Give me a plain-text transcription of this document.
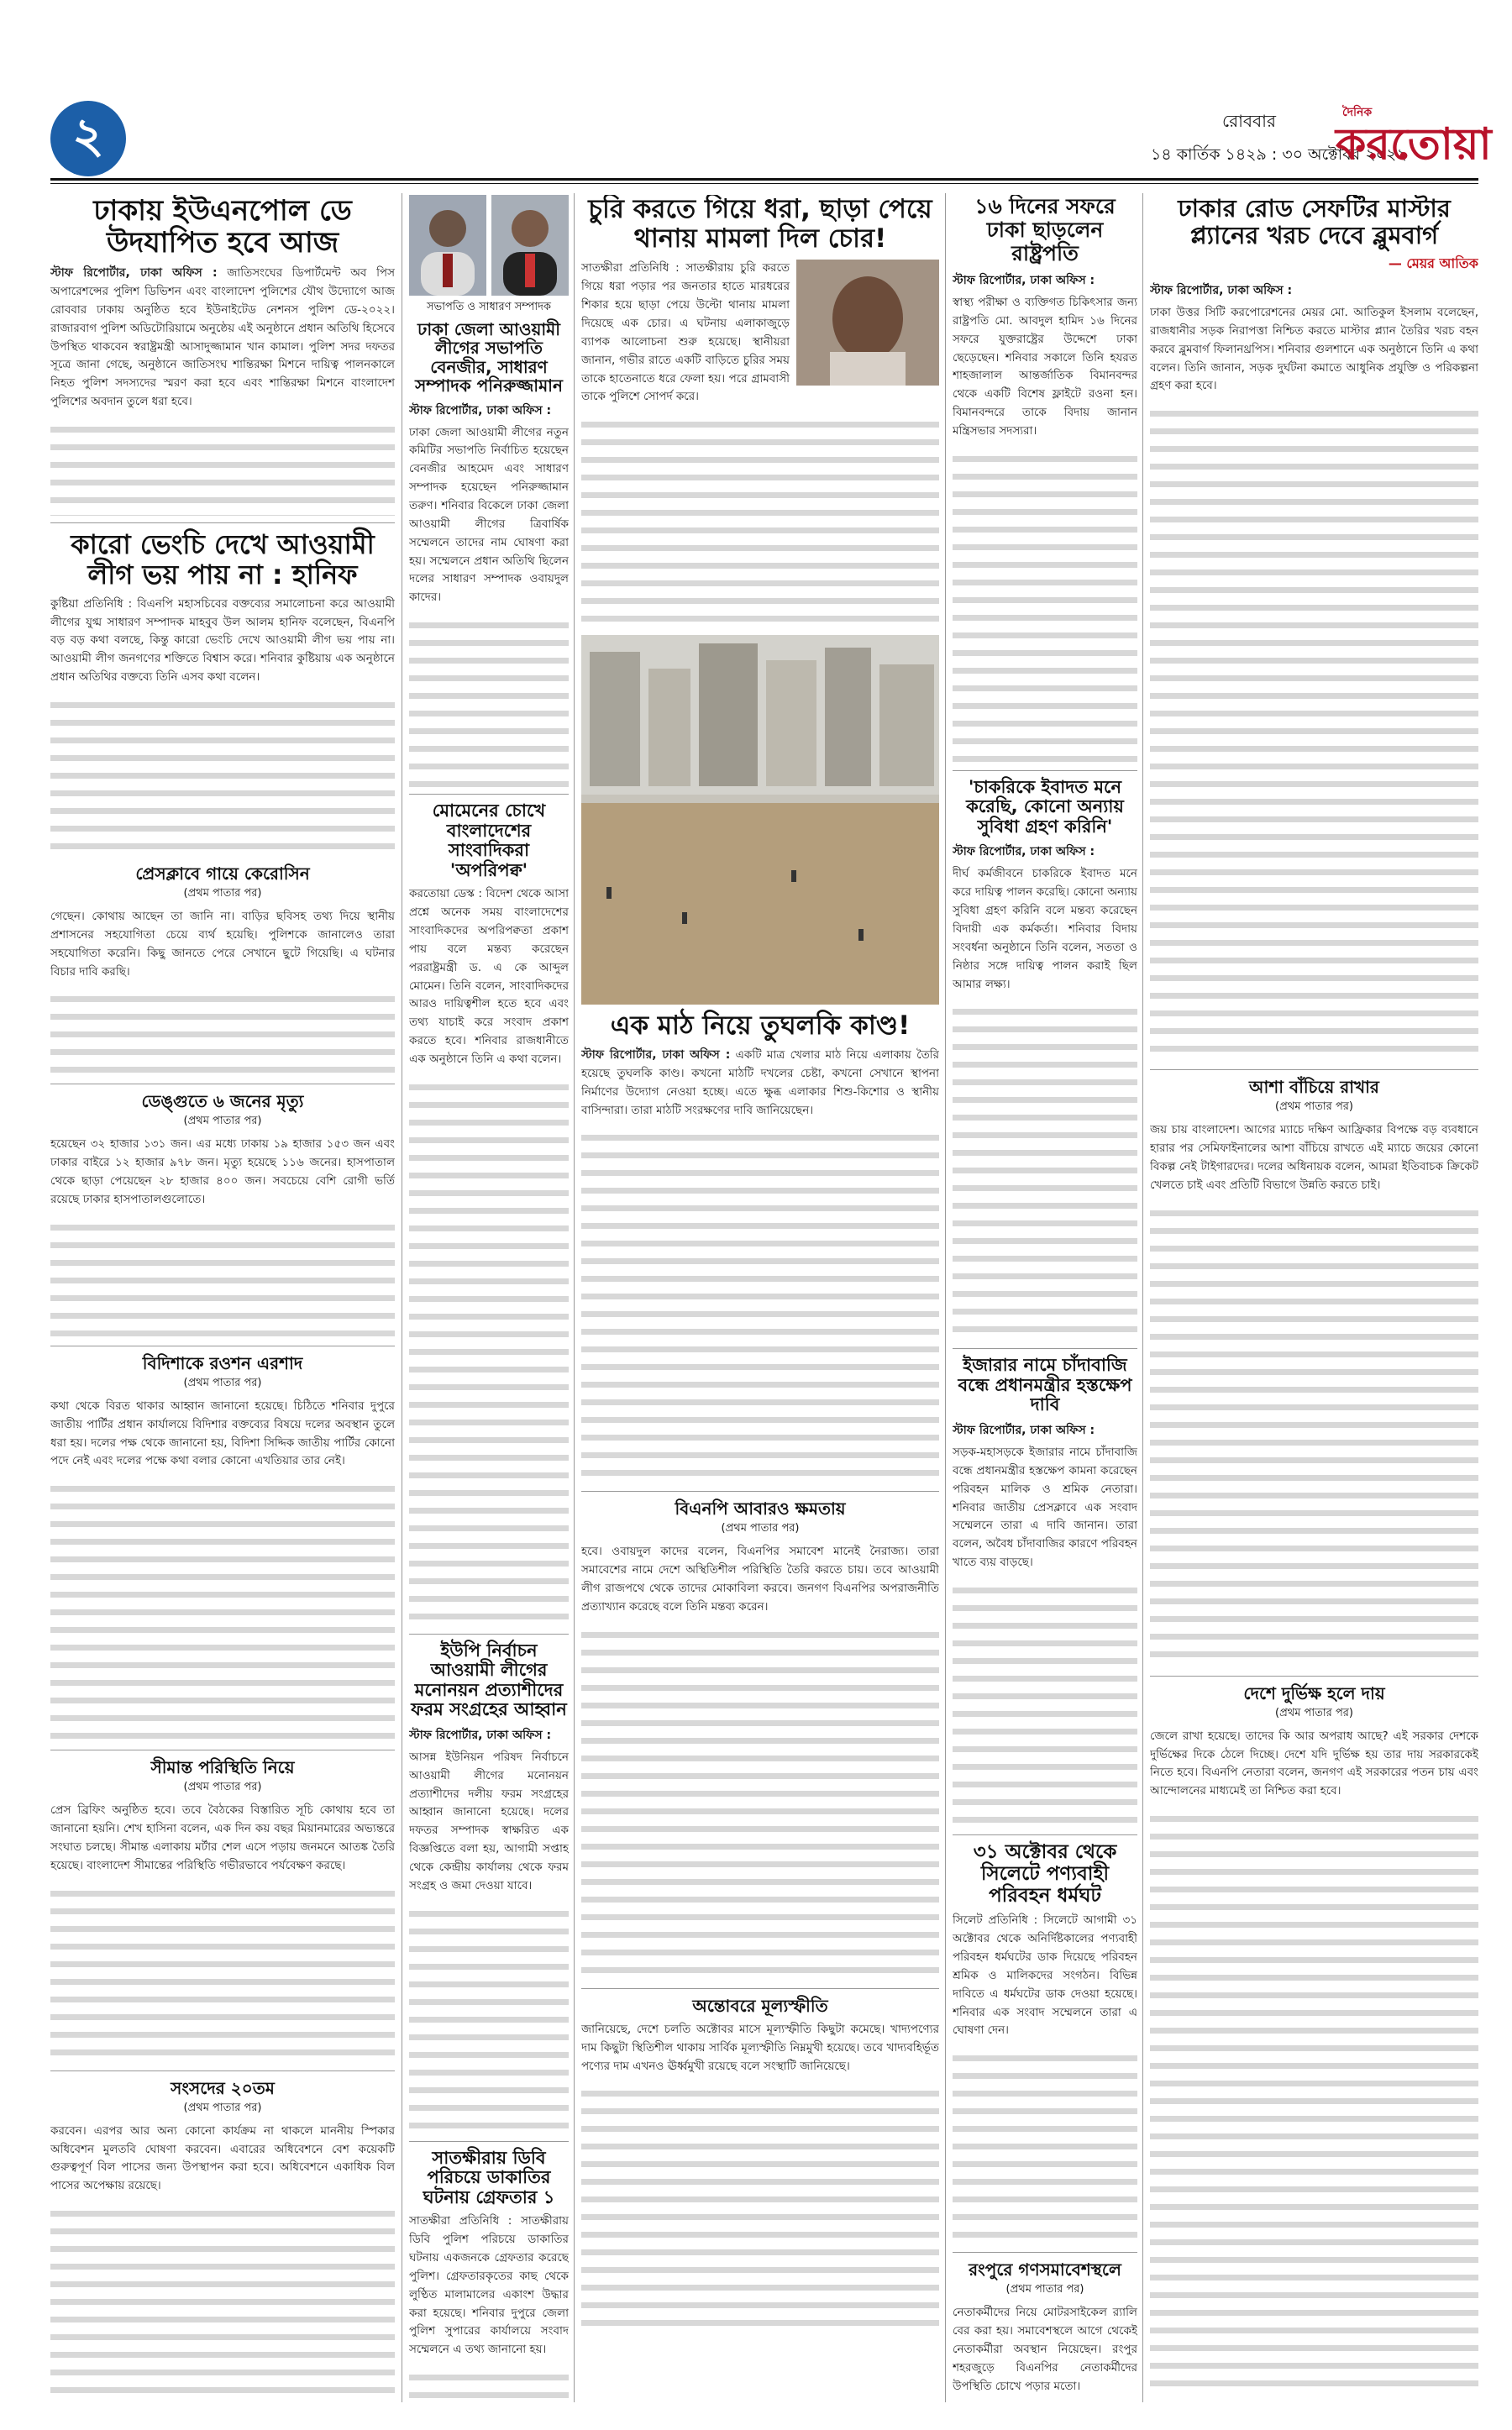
২	রোববার
১৪ কার্তিক ১৪২৯ : ৩০ অক্টোবর ২০২২
দৈনিক
করতোয়া
ঢাকায় ইউএনপোল ডে উদযাপিত হবে আজ
স্টাফ রিপোর্টার, ঢাকা অফিস : জাতিসংঘের ডিপার্টমেন্ট অব পিস অপারেশন্সের পুলিশ ডিভিশন এবং বাংলাদেশ পুলিশের যৌথ উদ্যোগে আজ রোববার ঢাকায় অনুষ্ঠিত হবে ইউনাইটেড নেশনস পুলিশ ডে-২০২২। রাজারবাগ পুলিশ অডিটোরিয়ামে অনুষ্ঠেয় এই অনুষ্ঠানে প্রধান অতিথি হিসেবে উপস্থিত থাকবেন স্বরাষ্ট্রমন্ত্রী আসাদুজ্জামান খান কামাল। পুলিশ সদর দফতর সূত্রে জানা গেছে, অনুষ্ঠানে জাতিসংঘ শান্তিরক্ষা মিশনে দায়িত্ব পালনকালে নিহত পুলিশ সদস্যদের স্মরণ করা হবে এবং শান্তিরক্ষা মিশনে বাংলাদেশ পুলিশের অবদান তুলে ধরা হবে।
কারো ভেংচি দেখে আওয়ামী লীগ ভয় পায় না : হানিফ
কুষ্টিয়া প্রতিনিধি : বিএনপি মহাসচিবের বক্তব্যের সমালোচনা করে আওয়ামী লীগের যুগ্ম সাধারণ সম্পাদক মাহবুব উল আলম হানিফ বলেছেন, বিএনপি বড় বড় কথা বলছে, কিন্তু কারো ভেংচি দেখে আওয়ামী লীগ ভয় পায় না। আওয়ামী লীগ জনগণের শক্তিতে বিশ্বাস করে। শনিবার কুষ্টিয়ায় এক অনুষ্ঠানে প্রধান অতিথির বক্তব্যে তিনি এসব কথা বলেন।
প্রেসক্লাবে গায়ে কেরোসিন
(প্রথম পাতার পর)
গেছেন। কোথায় আছেন তা জানি না। বাড়ির ছবিসহ তথ্য দিয়ে স্থানীয় প্রশাসনের সহযোগিতা চেয়ে ব্যর্থ হয়েছি। পুলিশকে জানালেও তারা সহযোগিতা করেনি। কিছু জানতে পেরে সেখানে ছুটে গিয়েছি। এ ঘটনার বিচার দাবি করছি।
ডেঙ্গুতে ৬ জনের মৃত্যু
(প্রথম পাতার পর)
হয়েছেন ৩২ হাজার ১৩১ জন। এর মধ্যে ঢাকায় ১৯ হাজার ১৫৩ জন এবং ঢাকার বাইরে ১২ হাজার ৯৭৮ জন। মৃত্যু হয়েছে ১১৬ জনের। হাসপাতাল থেকে ছাড়া পেয়েছেন ২৮ হাজার ৪০০ জন। সবচেয়ে বেশি রোগী ভর্তি রয়েছে ঢাকার হাসপাতালগুলোতে।
বিদিশাকে রওশন এরশাদ
(প্রথম পাতার পর)
কথা থেকে বিরত থাকার আহ্বান জানানো হয়েছে। চিঠিতে শনিবার দুপুরে জাতীয় পার্টির প্রধান কার্যালয়ে বিদিশার বক্তব্যের বিষয়ে দলের অবস্থান তুলে ধরা হয়। দলের পক্ষ থেকে জানানো হয়, বিদিশা সিদ্দিক জাতীয় পার্টির কোনো পদে নেই এবং দলের পক্ষে কথা বলার কোনো এখতিয়ার তার নেই।
সীমান্ত পরিস্থিতি নিয়ে
(প্রথম পাতার পর)
প্রেস ব্রিফিং অনুষ্ঠিত হবে। তবে বৈঠকের বিস্তারিত সূচি কোথায় হবে তা জানানো হয়নি। শেখ হাসিনা বলেন, এক দিন কয় বছর মিয়ানমারের অভ্যন্তরে সংঘাত চলছে। সীমান্ত এলাকায় মর্টার শেল এসে পড়ায় জনমনে আতঙ্ক তৈরি হয়েছে। বাংলাদেশ সীমান্তের পরিস্থিতি গভীরভাবে পর্যবেক্ষণ করছে।
সংসদের ২০তম
(প্রথম পাতার পর)
করবেন। এরপর আর অন্য কোনো কার্যক্রম না থাকলে মাননীয় স্পিকার অধিবেশন মুলতবি ঘোষণা করবেন। এবারের অধিবেশনে বেশ কয়েকটি গুরুত্বপূর্ণ বিল পাসের জন্য উপস্থাপন করা হবে। অধিবেশনে একাধিক বিল পাসের অপেক্ষায় রয়েছে।
সভাপতি ও সাধারণ সম্পাদক
ঢাকা জেলা আওয়ামী লীগের সভাপতি বেনজীর, সাধারণ সম্পাদক পনিরুজ্জামান
স্টাফ রিপোর্টার, ঢাকা অফিস :
ঢাকা জেলা আওয়ামী লীগের নতুন কমিটির সভাপতি নির্বাচিত হয়েছেন বেনজীর আহমেদ এবং সাধারণ সম্পাদক হয়েছেন পনিরুজ্জামান তরুণ। শনিবার বিকেলে ঢাকা জেলা আওয়ামী লীগের ত্রিবার্ষিক সম্মেলনে তাদের নাম ঘোষণা করা হয়। সম্মেলনে প্রধান অতিথি ছিলেন দলের সাধারণ সম্পাদক ওবায়দুল কাদের।
মোমেনের চোখে বাংলাদেশের সাংবাদিকরা 'অপরিপক্ব'
করতোয়া ডেস্ক : বিদেশ থেকে আসা প্রশ্নে অনেক সময় বাংলাদেশের সাংবাদিকদের অপরিপক্বতা প্রকাশ পায় বলে মন্তব্য করেছেন পররাষ্ট্রমন্ত্রী ড. এ কে আব্দুল মোমেন। তিনি বলেন, সাংবাদিকদের আরও দায়িত্বশীল হতে হবে এবং তথ্য যাচাই করে সংবাদ প্রকাশ করতে হবে। শনিবার রাজধানীতে এক অনুষ্ঠানে তিনি এ কথা বলেন।
ইউপি নির্বাচন আওয়ামী লীগের মনোনয়ন প্রত্যাশীদের ফরম সংগ্রহের আহ্বান
স্টাফ রিপোর্টার, ঢাকা অফিস :
আসন্ন ইউনিয়ন পরিষদ নির্বাচনে আওয়ামী লীগের মনোনয়ন প্রত্যাশীদের দলীয় ফরম সংগ্রহের আহ্বান জানানো হয়েছে। দলের দফতর সম্পাদক স্বাক্ষরিত এক বিজ্ঞপ্তিতে বলা হয়, আগামী সপ্তাহ থেকে কেন্দ্রীয় কার্যালয় থেকে ফরম সংগ্রহ ও জমা দেওয়া যাবে।
সাতক্ষীরায় ডিবি পরিচয়ে ডাকাতির ঘটনায় গ্রেফতার ১
সাতক্ষীরা প্রতিনিধি : সাতক্ষীরায় ডিবি পুলিশ পরিচয়ে ডাকাতির ঘটনায় একজনকে গ্রেফতার করেছে পুলিশ। গ্রেফতারকৃতের কাছ থেকে লুণ্ঠিত মালামালের একাংশ উদ্ধার করা হয়েছে। শনিবার দুপুরে জেলা পুলিশ সুপারের কার্যালয়ে সংবাদ সম্মেলনে এ তথ্য জানানো হয়।
চুরি করতে গিয়ে ধরা, ছাড়া পেয়ে থানায় মামলা দিল চোর!
সাতক্ষীরা প্রতিনিধি : সাতক্ষীরায় চুরি করতে গিয়ে ধরা পড়ার পর জনতার হাতে মারধরের শিকার হয়ে ছাড়া পেয়ে উল্টো থানায় মামলা দিয়েছে এক চোর। এ ঘটনায় এলাকাজুড়ে ব্যাপক আলোচনা শুরু হয়েছে। স্থানীয়রা জানান, গভীর রাতে একটি বাড়িতে চুরির সময় তাকে হাতেনাতে ধরে ফেলা হয়। পরে গ্রামবাসী তাকে পুলিশে সোপর্দ করে।
এক মাঠ নিয়ে তুঘলকি কাণ্ড!
স্টাফ রিপোর্টার, ঢাকা অফিস : একটি মাত্র খেলার মাঠ নিয়ে এলাকায় তৈরি হয়েছে তুঘলকি কাণ্ড। কখনো মাঠটি দখলের চেষ্টা, কখনো সেখানে স্থাপনা নির্মাণের উদ্যোগ নেওয়া হচ্ছে। এতে ক্ষুব্ধ এলাকার শিশু-কিশোর ও স্থানীয় বাসিন্দারা। তারা মাঠটি সংরক্ষণের দাবি জানিয়েছেন।
বিএনপি আবারও ক্ষমতায়
(প্রথম পাতার পর)
হবে। ওবায়দুল কাদের বলেন, বিএনপির সমাবেশ মানেই নৈরাজ্য। তারা সমাবেশের নামে দেশে অস্থিতিশীল পরিস্থিতি তৈরি করতে চায়। তবে আওয়ামী লীগ রাজপথে থেকে তাদের মোকাবিলা করবে। জনগণ বিএনপির অপরাজনীতি প্রত্যাখ্যান করেছে বলে তিনি মন্তব্য করেন।
অন্তোবরে মূল্যস্ফীতি
জানিয়েছে, দেশে চলতি অক্টোবর মাসে মূল্যস্ফীতি কিছুটা কমেছে। খাদ্যপণ্যের দাম কিছুটা স্থিতিশীল থাকায় সার্বিক মূল্যস্ফীতি নিম্নমুখী হয়েছে। তবে খাদ্যবহির্ভূত পণ্যের দাম এখনও ঊর্ধ্বমুখী রয়েছে বলে সংস্থাটি জানিয়েছে।
১৬ দিনের সফরে ঢাকা ছাড়লেন রাষ্ট্রপতি
স্টাফ রিপোর্টার, ঢাকা অফিস :
স্বাস্থ্য পরীক্ষা ও ব্যক্তিগত চিকিৎসার জন্য রাষ্ট্রপতি মো. আবদুল হামিদ ১৬ দিনের সফরে যুক্তরাষ্ট্রের উদ্দেশে ঢাকা ছেড়েছেন। শনিবার সকালে তিনি হযরত শাহজালাল আন্তর্জাতিক বিমানবন্দর থেকে একটি বিশেষ ফ্লাইটে রওনা হন। বিমানবন্দরে তাকে বিদায় জানান মন্ত্রিসভার সদস্যরা।
'চাকরিকে ইবাদত মনে করেছি, কোনো অন্যায় সুবিধা গ্রহণ করিনি'
স্টাফ রিপোর্টার, ঢাকা অফিস :
দীর্ঘ কর্মজীবনে চাকরিকে ইবাদত মনে করে দায়িত্ব পালন করেছি। কোনো অন্যায় সুবিধা গ্রহণ করিনি বলে মন্তব্য করেছেন বিদায়ী এক কর্মকর্তা। শনিবার বিদায় সংবর্ধনা অনুষ্ঠানে তিনি বলেন, সততা ও নিষ্ঠার সঙ্গে দায়িত্ব পালন করাই ছিল আমার লক্ষ্য।
ইজারার নামে চাঁদাবাজি বন্ধে প্রধানমন্ত্রীর হস্তক্ষেপ দাবি
স্টাফ রিপোর্টার, ঢাকা অফিস :
সড়ক-মহাসড়কে ইজারার নামে চাঁদাবাজি বন্ধে প্রধানমন্ত্রীর হস্তক্ষেপ কামনা করেছেন পরিবহন মালিক ও শ্রমিক নেতারা। শনিবার জাতীয় প্রেসক্লাবে এক সংবাদ সম্মেলনে তারা এ দাবি জানান। তারা বলেন, অবৈধ চাঁদাবাজির কারণে পরিবহন খাতে ব্যয় বাড়ছে।
৩১ অক্টোবর থেকে সিলেটে পণ্যবাহী পরিবহন ধর্মঘট
সিলেট প্রতিনিধি : সিলেটে আগামী ৩১ অক্টোবর থেকে অনির্দিষ্টকালের পণ্যবাহী পরিবহন ধর্মঘটের ডাক দিয়েছে পরিবহন শ্রমিক ও মালিকদের সংগঠন। বিভিন্ন দাবিতে এ ধর্মঘটের ডাক দেওয়া হয়েছে। শনিবার এক সংবাদ সম্মেলনে তারা এ ঘোষণা দেন।
রংপুরে গণসমাবেশস্থলে
(প্রথম পাতার পর)
নেতাকর্মীদের নিয়ে মোটরসাইকেল র‍্যালি বের করা হয়। সমাবেশস্থলে আগে থেকেই নেতাকর্মীরা অবস্থান নিয়েছেন। রংপুর শহরজুড়ে বিএনপির নেতাকর্মীদের উপস্থিতি চোখে পড়ার মতো।
ঢাকার রোড সেফটির মাস্টার প্ল্যানের খরচ দেবে ব্লুমবার্গ
— মেয়র আতিক
স্টাফ রিপোর্টার, ঢাকা অফিস :
ঢাকা উত্তর সিটি করপোরেশনের মেয়র মো. আতিকুল ইসলাম বলেছেন, রাজধানীর সড়ক নিরাপত্তা নিশ্চিত করতে মাস্টার প্ল্যান তৈরির খরচ বহন করবে ব্লুমবার্গ ফিলানথ্রপিস। শনিবার গুলশানে এক অনুষ্ঠানে তিনি এ কথা বলেন। তিনি জানান, সড়ক দুর্ঘটনা কমাতে আধুনিক প্রযুক্তি ও পরিকল্পনা গ্রহণ করা হবে।
আশা বাঁচিয়ে রাখার
(প্রথম পাতার পর)
জয় চায় বাংলাদেশ। আগের ম্যাচে দক্ষিণ আফ্রিকার বিপক্ষে বড় ব্যবধানে হারার পর সেমিফাইনালের আশা বাঁচিয়ে রাখতে এই ম্যাচে জয়ের কোনো বিকল্প নেই টাইগারদের। দলের অধিনায়ক বলেন, আমরা ইতিবাচক ক্রিকেট খেলতে চাই এবং প্রতিটি বিভাগে উন্নতি করতে চাই।
দেশে দুর্ভিক্ষ হলে দায়
(প্রথম পাতার পর)
জেলে রাখা হয়েছে। তাদের কি আর অপরাধ আছে? এই সরকার দেশকে দুর্ভিক্ষের দিকে ঠেলে দিচ্ছে। দেশে যদি দুর্ভিক্ষ হয় তার দায় সরকারকেই নিতে হবে। বিএনপি নেতারা বলেন, জনগণ এই সরকারের পতন চায় এবং আন্দোলনের মাধ্যমেই তা নিশ্চিত করা হবে।
